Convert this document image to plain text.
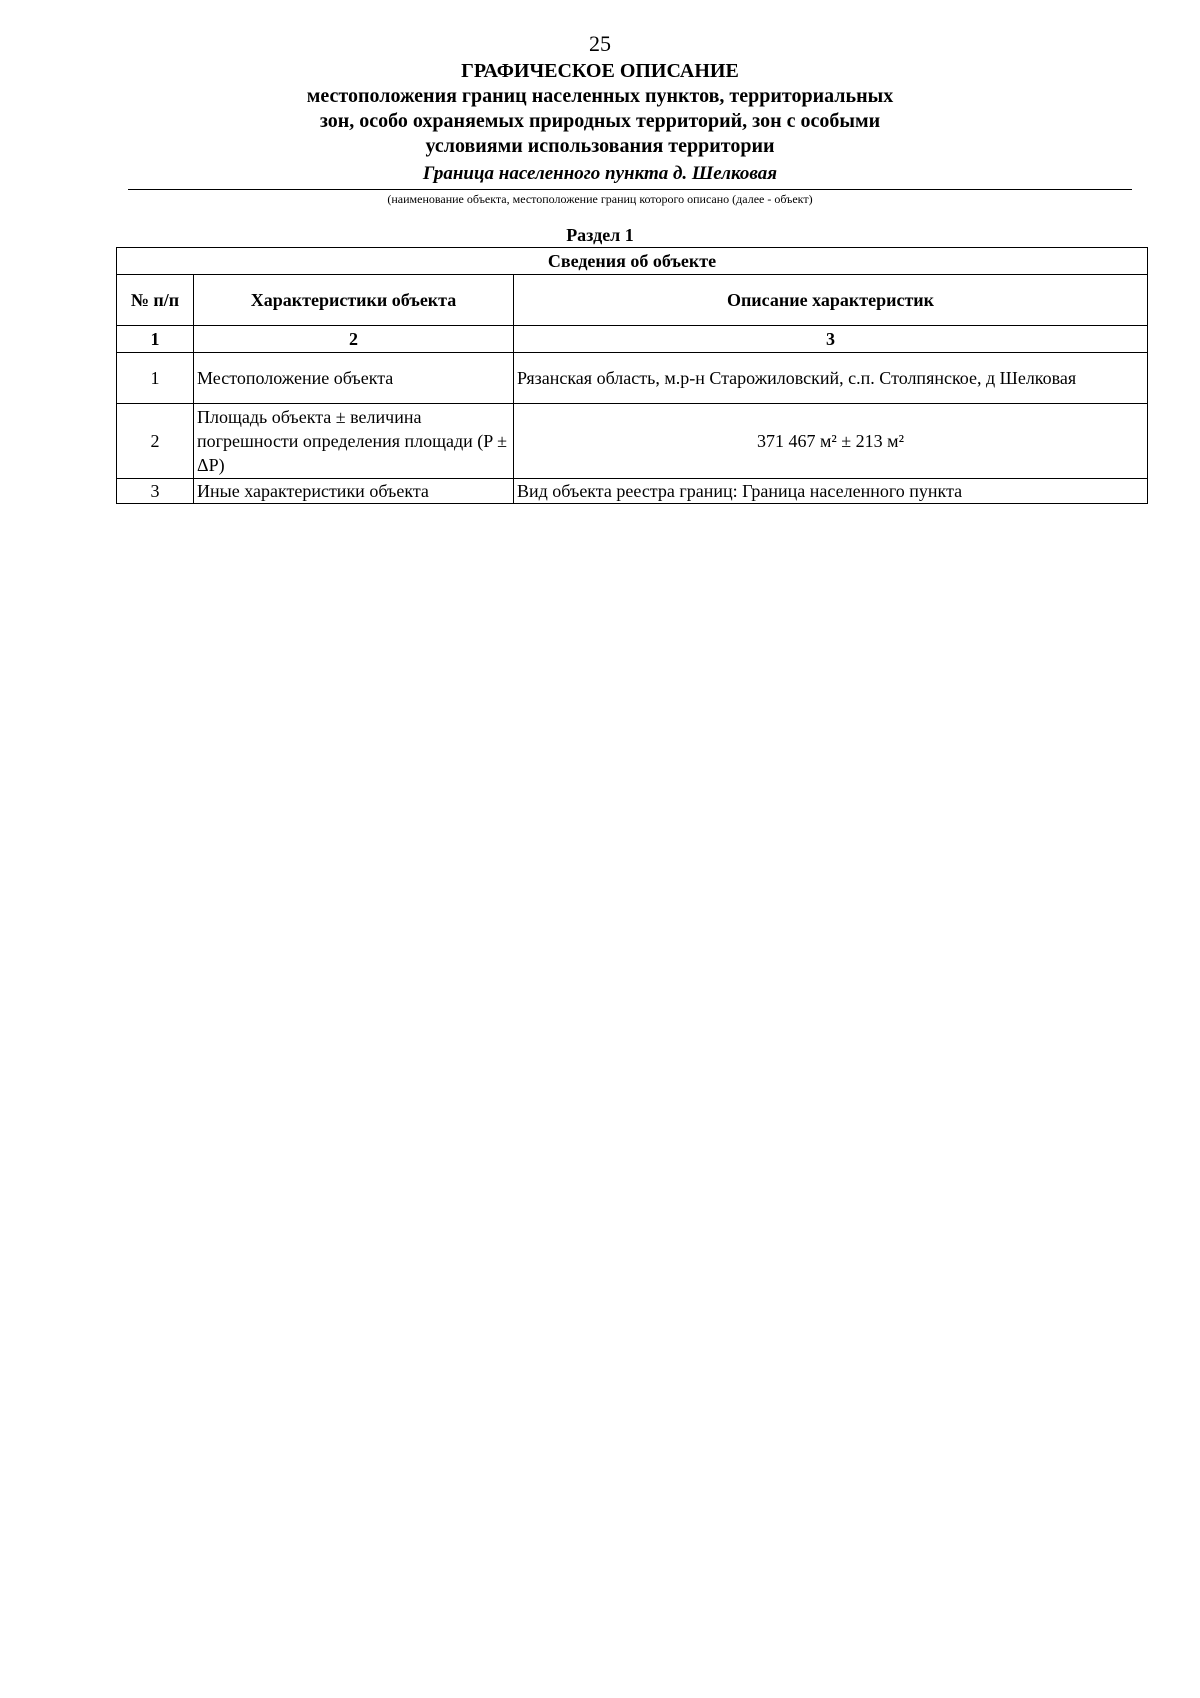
25
ГРАФИЧЕСКОЕ ОПИСАНИЕ
местоположения границ населенных пунктов, территориальных
зон, особо охраняемых природных территорий, зон с особыми
условиями использования территории
Граница населенного пункта д. Шелковая
(наименование объекта, местоположение границ которого описано (далее - объект)
Раздел 1
Сведения об объекте		
№ п/п	Характеристики объекта	Описание характеристик
1	2	3
1	Местоположение объекта	Рязанская область, м.р-н Старожиловский, с.п. Столпянское, д Шелковая
2	Площадь объекта ± величина погрешности определения площади (P ± ΔP)	371 467 м² ± 213 м²
3	Иные характеристики объекта	Вид объекта реестра границ: Граница населенного пункта
